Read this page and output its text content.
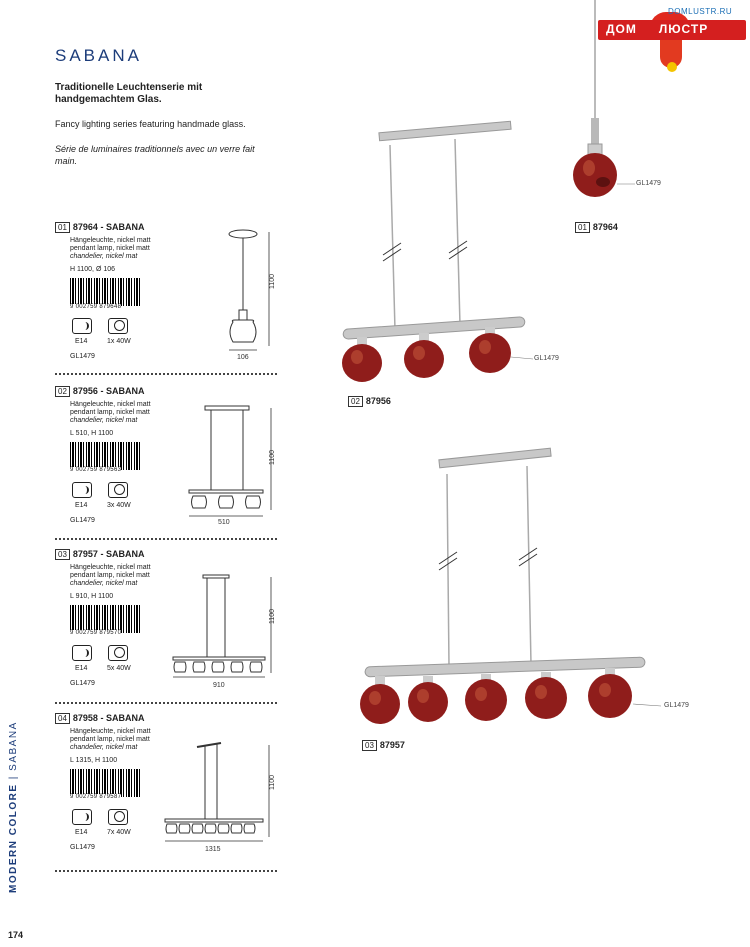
ДОМ ЛЮСТР
DOMLUSTR.RU
SABANA
Traditionelle Leuchtenserie mit handgemachtem Glas.
Fancy lighting series featuring handmade glass.
Série de luminaires traditionnels avec un verre fait main.
01 87964 - SABANA
Hängeleuchte, nickel matt
pendant lamp, nickel matt
chandelier, nickel mat
H 1100, Ø 106
9 002759 879648
E14	1x 40W
GL1479
1100
106
02 87956 - SABANA
Hängeleuchte, nickel matt
pendant lamp, nickel matt
chandelier, nickel mat
L 510, H 1100
9 002759 879563
E14	3x 40W
GL1479
1100
510
03 87957 - SABANA
Hängeleuchte, nickel matt
pendant lamp, nickel matt
chandelier, nickel mat
L 910, H 1100
9 002759 879570
E14	5x 40W
GL1479
1100
910
04 87958 - SABANA
Hängeleuchte, nickel matt
pendant lamp, nickel matt
chandelier, nickel mat
L 1315, H 1100
9 002759 879587
E14	7x 40W
GL1479
1100
1315
MODERN COLORE | SABANA
174
GL1479
01 87964
GL1479
02 87956
GL1479
03 87957
